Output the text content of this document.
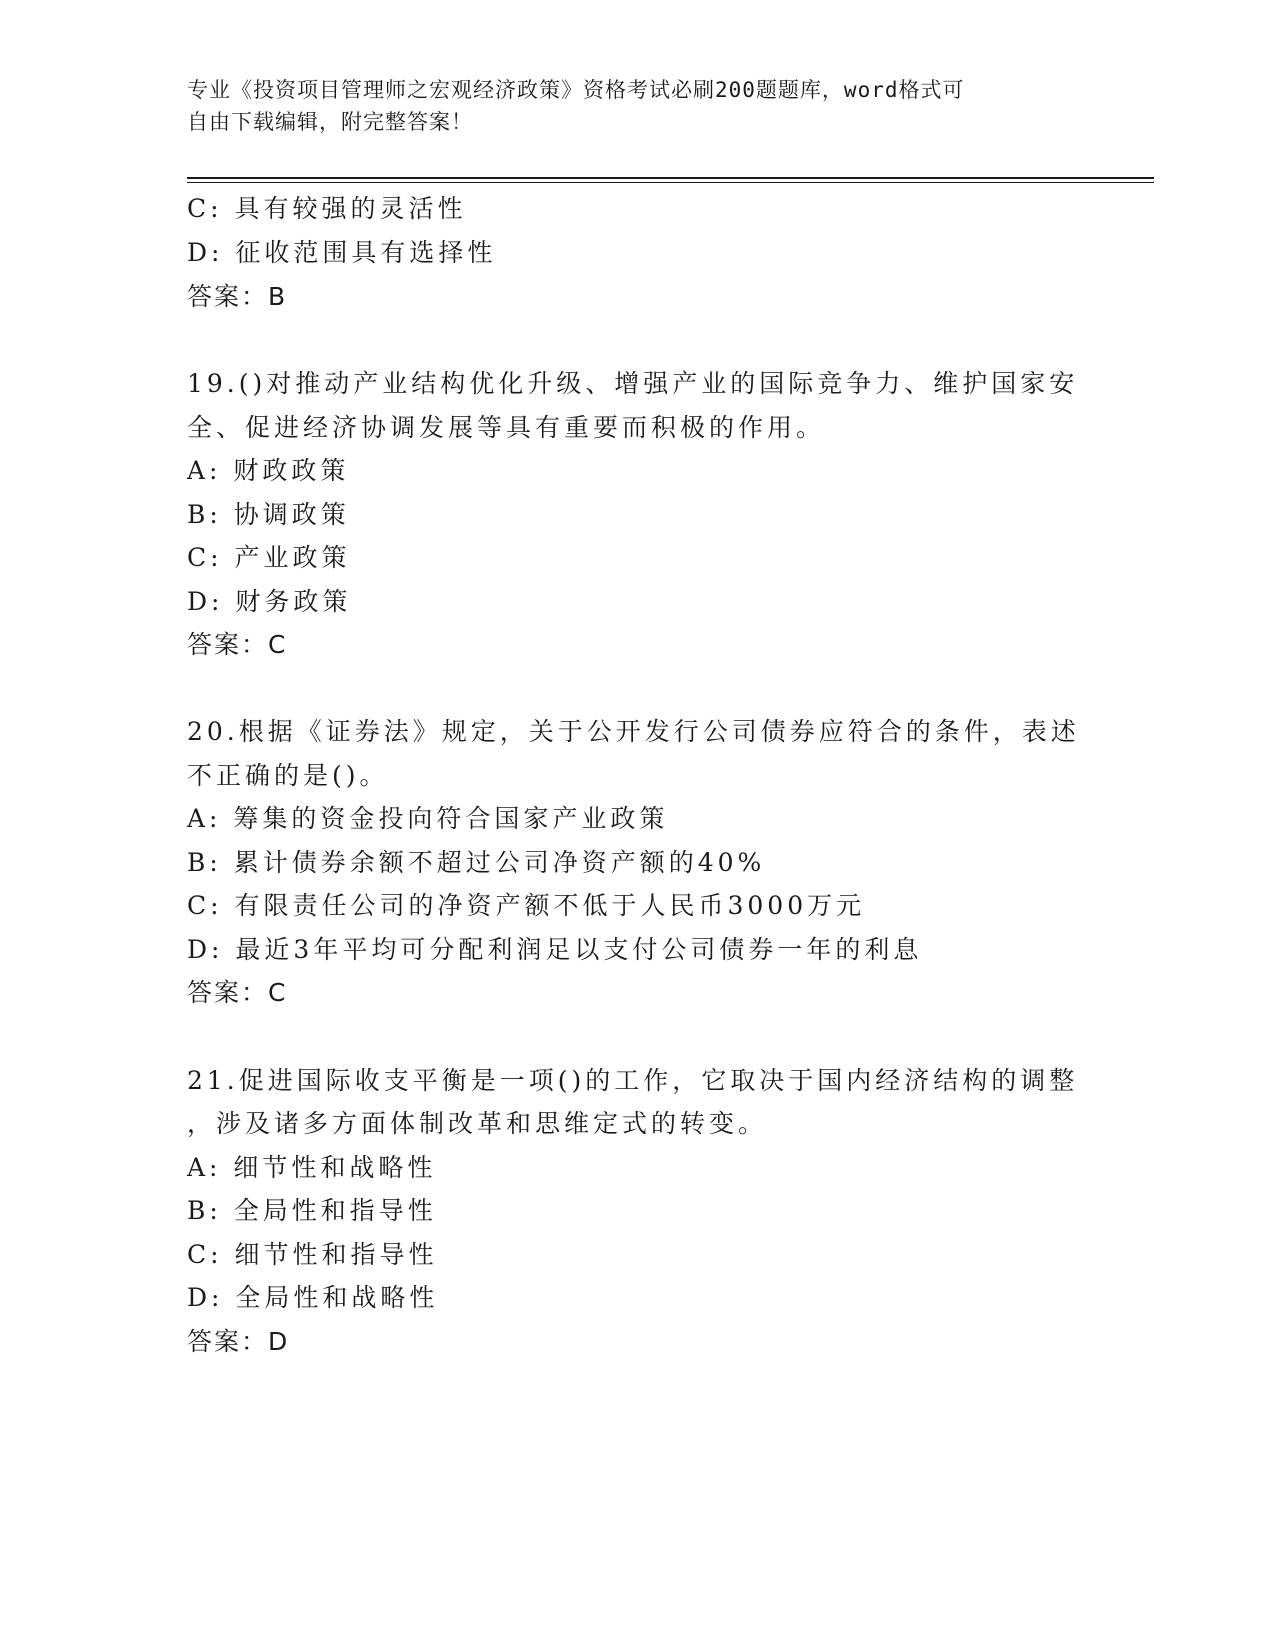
专业《投资项目管理师之宏观经济政策》资格考试必刷200题题库，word格式可
自由下载编辑，附完整答案！
C: 具有较强的灵活性
D: 征收范围具有选择性
答案：B
19.()对推动产业结构优化升级、增强产业的国际竞争力、维护国家安
全、促进经济协调发展等具有重要而积极的作用。
A: 财政政策
B: 协调政策
C: 产业政策
D: 财务政策
答案：C
20.根据《证券法》规定，关于公开发行公司债券应符合的条件，表述
不正确的是()。
A: 筹集的资金投向符合国家产业政策
B: 累计债券余额不超过公司净资产额的40%
C: 有限责任公司的净资产额不低于人民币3000万元
D: 最近3年平均可分配利润足以支付公司债券一年的利息
答案：C
21.促进国际收支平衡是一项()的工作，它取决于国内经济结构的调整
，涉及诸多方面体制改革和思维定式的转变。
A: 细节性和战略性
B: 全局性和指导性
C: 细节性和指导性
D: 全局性和战略性
答案：D
